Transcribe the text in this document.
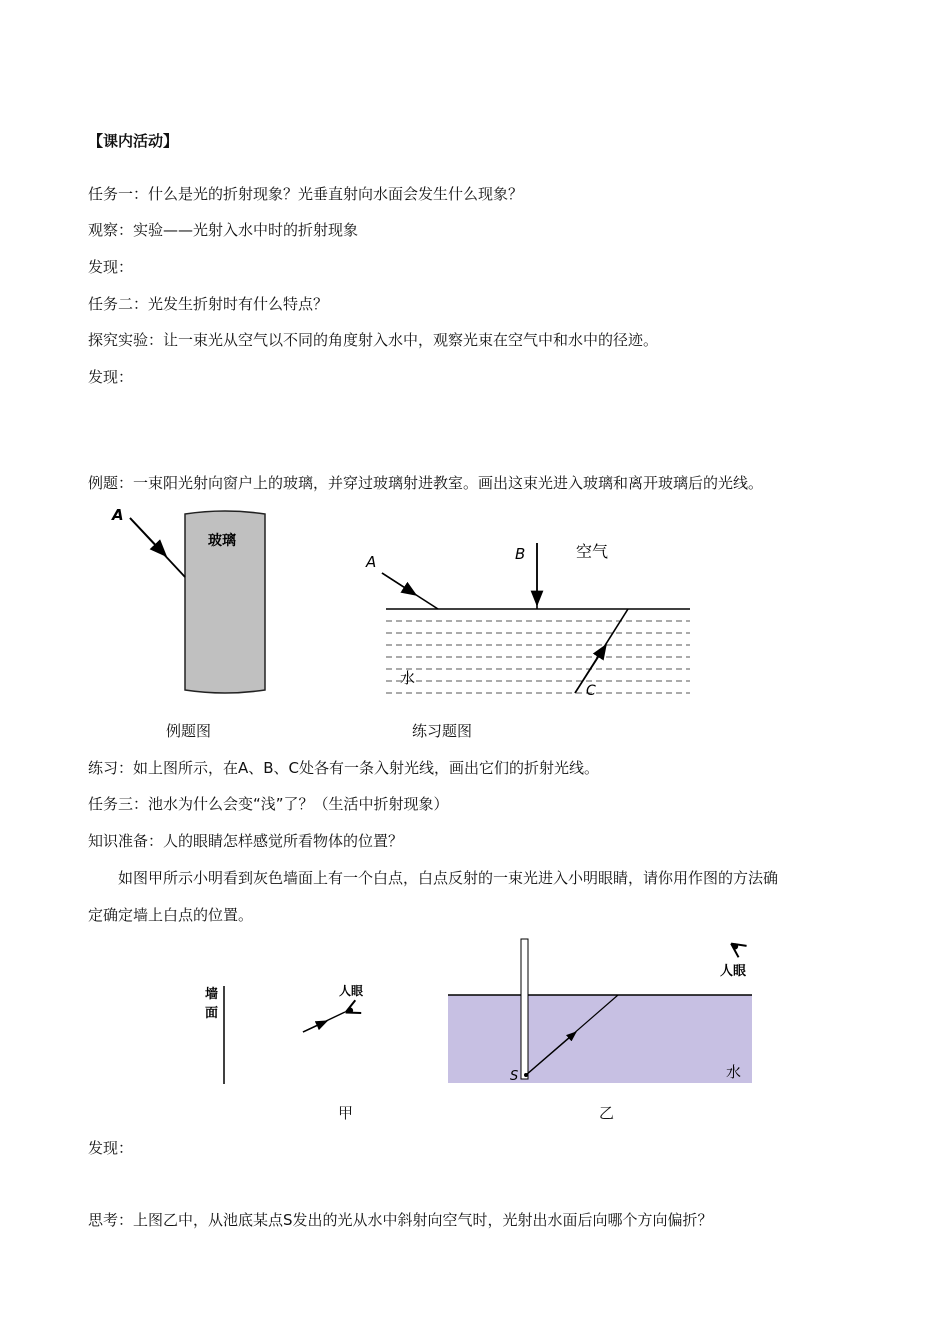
【课内活动】
任务一：什么是光的折射现象？光垂直射向水面会发生什么现象？
观察：实验——光射入水中时的折射现象
发现：
任务二：光发生折射时有什么特点？
探究实验：让一束光从空气以不同的角度射入水中，观察光束在空气中和水中的径迹。
发现：
例题：一束阳光射向窗户上的玻璃，并穿过玻璃射进教室。画出这束光进入玻璃和离开玻璃后的光线。
A
玻璃
例题图
A	B	空气
水
C
练习题图
练习：如上图所示，在A、B、C处各有一条入射光线，画出它们的折射光线。
任务三：池水为什么会变“浅”了？（生活中折射现象）
知识准备：人的眼睛怎样感觉所看物体的位置？
如图甲所示小明看到灰色墙面上有一个白点，白点反射的一束光进入小明眼睛，请你用作图的方法确
定确定墙上白点的位置。
墙
面
人眼
甲
S	水
人眼
乙
发现：
思考：上图乙中，从池底某点S发出的光从水中斜射向空气时，光射出水面后向哪个方向偏折？
